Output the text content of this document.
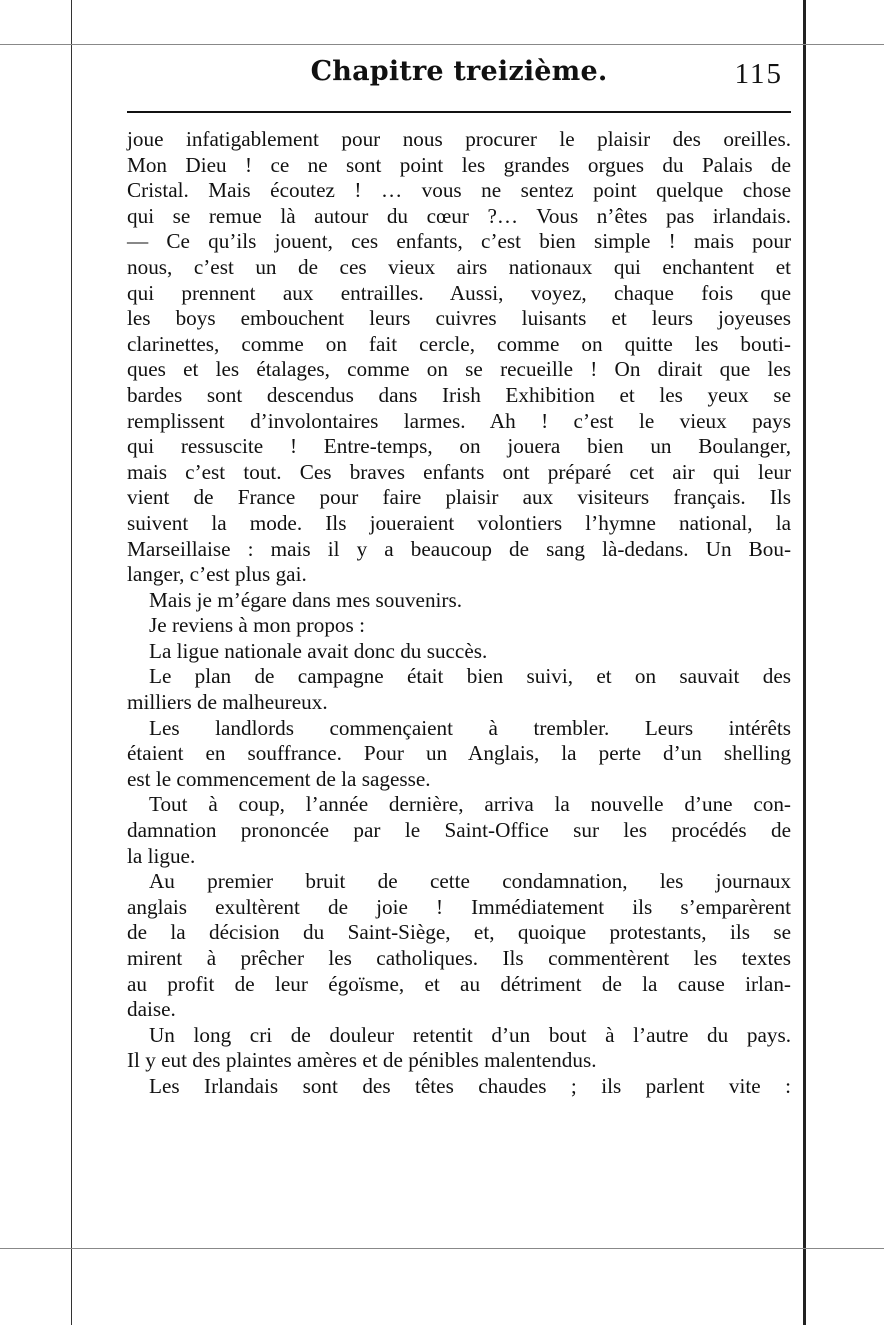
Chapitre treizième.	115
joue infatigablement pour nous procurer le plaisir des oreilles.
Mon Dieu ! ce ne sont point les grandes orgues du Palais de
Cristal. Mais écoutez ! … vous ne sentez point quelque chose
qui se remue là autour du cœur ?… Vous n’êtes pas irlandais.
— Ce qu’ils jouent, ces enfants, c’est bien simple ! mais pour
nous, c’est un de ces vieux airs nationaux qui enchantent et
qui prennent aux entrailles. Aussi, voyez, chaque fois que
les boys embouchent leurs cuivres luisants et leurs joyeuses
clarinettes, comme on fait cercle, comme on quitte les bouti-
ques et les étalages, comme on se recueille ! On dirait que les
bardes sont descendus dans Irish Exhibition et les yeux se
remplissent d’involontaires larmes. Ah ! c’est le vieux pays
qui ressuscite ! Entre-temps, on jouera bien un Boulanger,
mais c’est tout. Ces braves enfants ont préparé cet air qui leur
vient de France pour faire plaisir aux visiteurs français. Ils
suivent la mode. Ils joueraient volontiers l’hymne national, la
Marseillaise : mais il y a beaucoup de sang là-dedans. Un Bou-
langer, c’est plus gai.
Mais je m’égare dans mes souvenirs.
Je reviens à mon propos :
La ligue nationale avait donc du succès.
Le plan de campagne était bien suivi, et on sauvait des
milliers de malheureux.
Les landlords commençaient à trembler. Leurs intérêts
étaient en souffrance. Pour un Anglais, la perte d’un shelling
est le commencement de la sagesse.
Tout à coup, l’année dernière, arriva la nouvelle d’une con-
damnation prononcée par le Saint-Office sur les procédés de
la ligue.
Au premier bruit de cette condamnation, les journaux
anglais exultèrent de joie ! Immédiatement ils s’emparèrent
de la décision du Saint-Siège, et, quoique protestants, ils se
mirent à prêcher les catholiques. Ils commentèrent les textes
au profit de leur égoïsme, et au détriment de la cause irlan-
daise.
Un long cri de douleur retentit d’un bout à l’autre du pays.
Il y eut des plaintes amères et de pénibles malentendus.
Les Irlandais sont des têtes chaudes ; ils parlent vite :
